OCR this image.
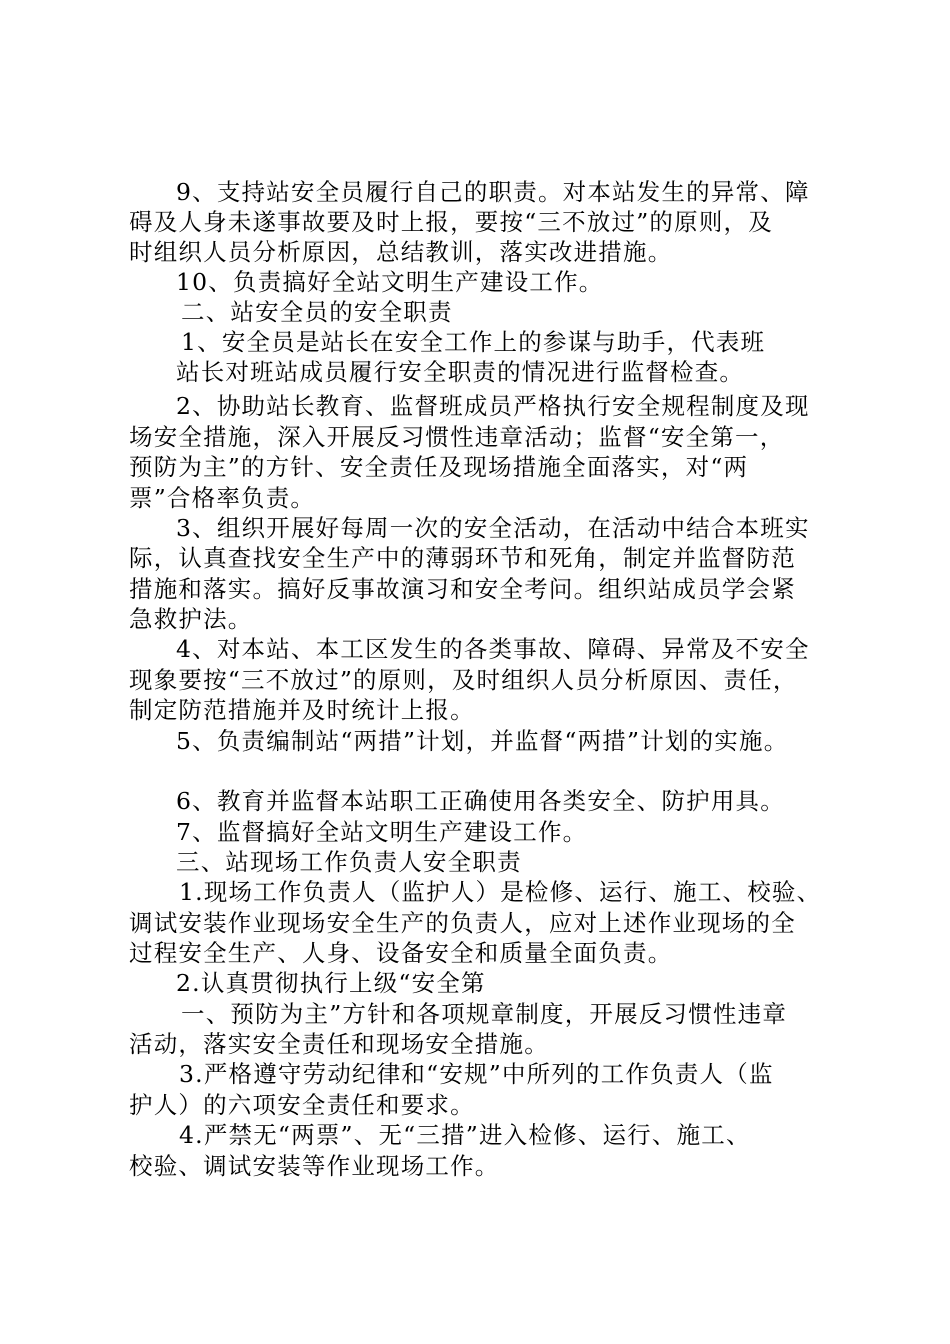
9、支持站安全员履行自己的职责。对本站发生的异常、障
碍及人身未遂事故要及时上报，要按“三不放过”的原则，及
时组织人员分析原因，总结教训，落实改进措施。
10、负责搞好全站文明生产建设工作。
二、站安全员的安全职责
1、安全员是站长在安全工作上的参谋与助手，代表班
站长对班站成员履行安全职责的情况进行监督检查。
2、协助站长教育、监督班成员严格执行安全规程制度及现
场安全措施，深入开展反习惯性违章活动；监督“安全第一，
预防为主”的方针、安全责任及现场措施全面落实，对“两
票”合格率负责。
3、组织开展好每周一次的安全活动，在活动中结合本班实
际，认真查找安全生产中的薄弱环节和死角，制定并监督防范
措施和落实。搞好反事故演习和安全考问。组织站成员学会紧
急救护法。
4、对本站、本工区发生的各类事故、障碍、异常及不安全
现象要按“三不放过”的原则，及时组织人员分析原因、责任，
制定防范措施并及时统计上报。
5、负责编制站“两措”计划，并监督“两措”计划的实施。
6、教育并监督本站职工正确使用各类安全、防护用具。
7、监督搞好全站文明生产建设工作。
三、站现场工作负责人安全职责
1.现场工作负责人（监护人）是检修、运行、施工、校验、
调试安装作业现场安全生产的负责人，应对上述作业现场的全
过程安全生产、人身、设备安全和质量全面负责。
2.认真贯彻执行上级“安全第
一、预防为主”方针和各项规章制度，开展反习惯性违章
活动，落实安全责任和现场安全措施。
3.严格遵守劳动纪律和“安规”中所列的工作负责人（监
护人）的六项安全责任和要求。
4.严禁无“两票”、无“三措”进入检修、运行、施工、
校验、调试安装等作业现场工作。
